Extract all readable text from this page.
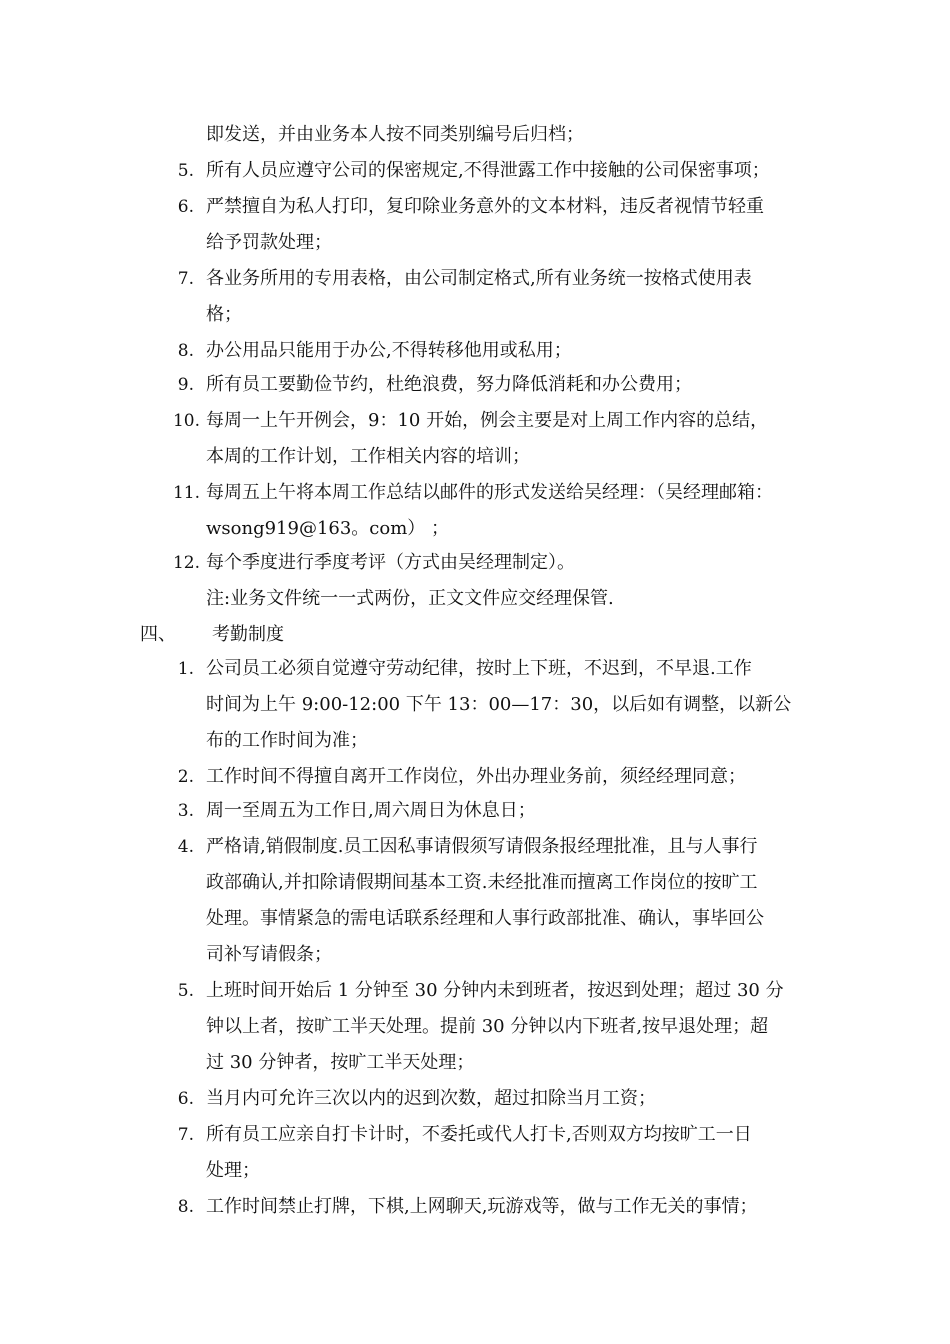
即发送，并由业务本人按不同类别编号后归档；
5. 所有人员应遵守公司的保密规定,不得泄露工作中接触的公司保密事项；
6. 严禁擅自为私人打印，复印除业务意外的文本材料，违反者视情节轻重
给予罚款处理；
7. 各业务所用的专用表格，由公司制定格式,所有业务统一按格式使用表
格；
8. 办公用品只能用于办公,不得转移他用或私用；
9. 所有员工要勤俭节约，杜绝浪费，努力降低消耗和办公费用；
10. 每周一上午开例会，9：10 开始，例会主要是对上周工作内容的总结，
本周的工作计划，工作相关内容的培训；
11. 每周五上午将本周工作总结以邮件的形式发送给吴经理：（吴经理邮箱：
wsong919@163。com） ；
12. 每个季度进行季度考评（方式由吴经理制定）。
注:业务文件统一一式两份，正文文件应交经理保管.
四、 考勤制度
1. 公司员工必须自觉遵守劳动纪律，按时上下班，不迟到，不早退.工作
时间为上午 9:00-12:00 下午 13：00—17：30，以后如有调整，以新公
布的工作时间为准；
2. 工作时间不得擅自离开工作岗位，外出办理业务前，须经经理同意；
3. 周一至周五为工作日,周六周日为休息日；
4. 严格请,销假制度.员工因私事请假须写请假条报经理批准，且与人事行
政部确认,并扣除请假期间基本工资.未经批准而擅离工作岗位的按旷工
处理。事情紧急的需电话联系经理和人事行政部批准、确认，事毕回公
司补写请假条；
5. 上班时间开始后 1 分钟至 30 分钟内未到班者，按迟到处理；超过 30 分
钟以上者，按旷工半天处理。提前 30 分钟以内下班者,按早退处理；超
过 30 分钟者，按旷工半天处理；
6. 当月内可允许三次以内的迟到次数，超过扣除当月工资；
7. 所有员工应亲自打卡计时，不委托或代人打卡,否则双方均按旷工一日
处理；
8. 工作时间禁止打牌，下棋,上网聊天,玩游戏等，做与工作无关的事情；
